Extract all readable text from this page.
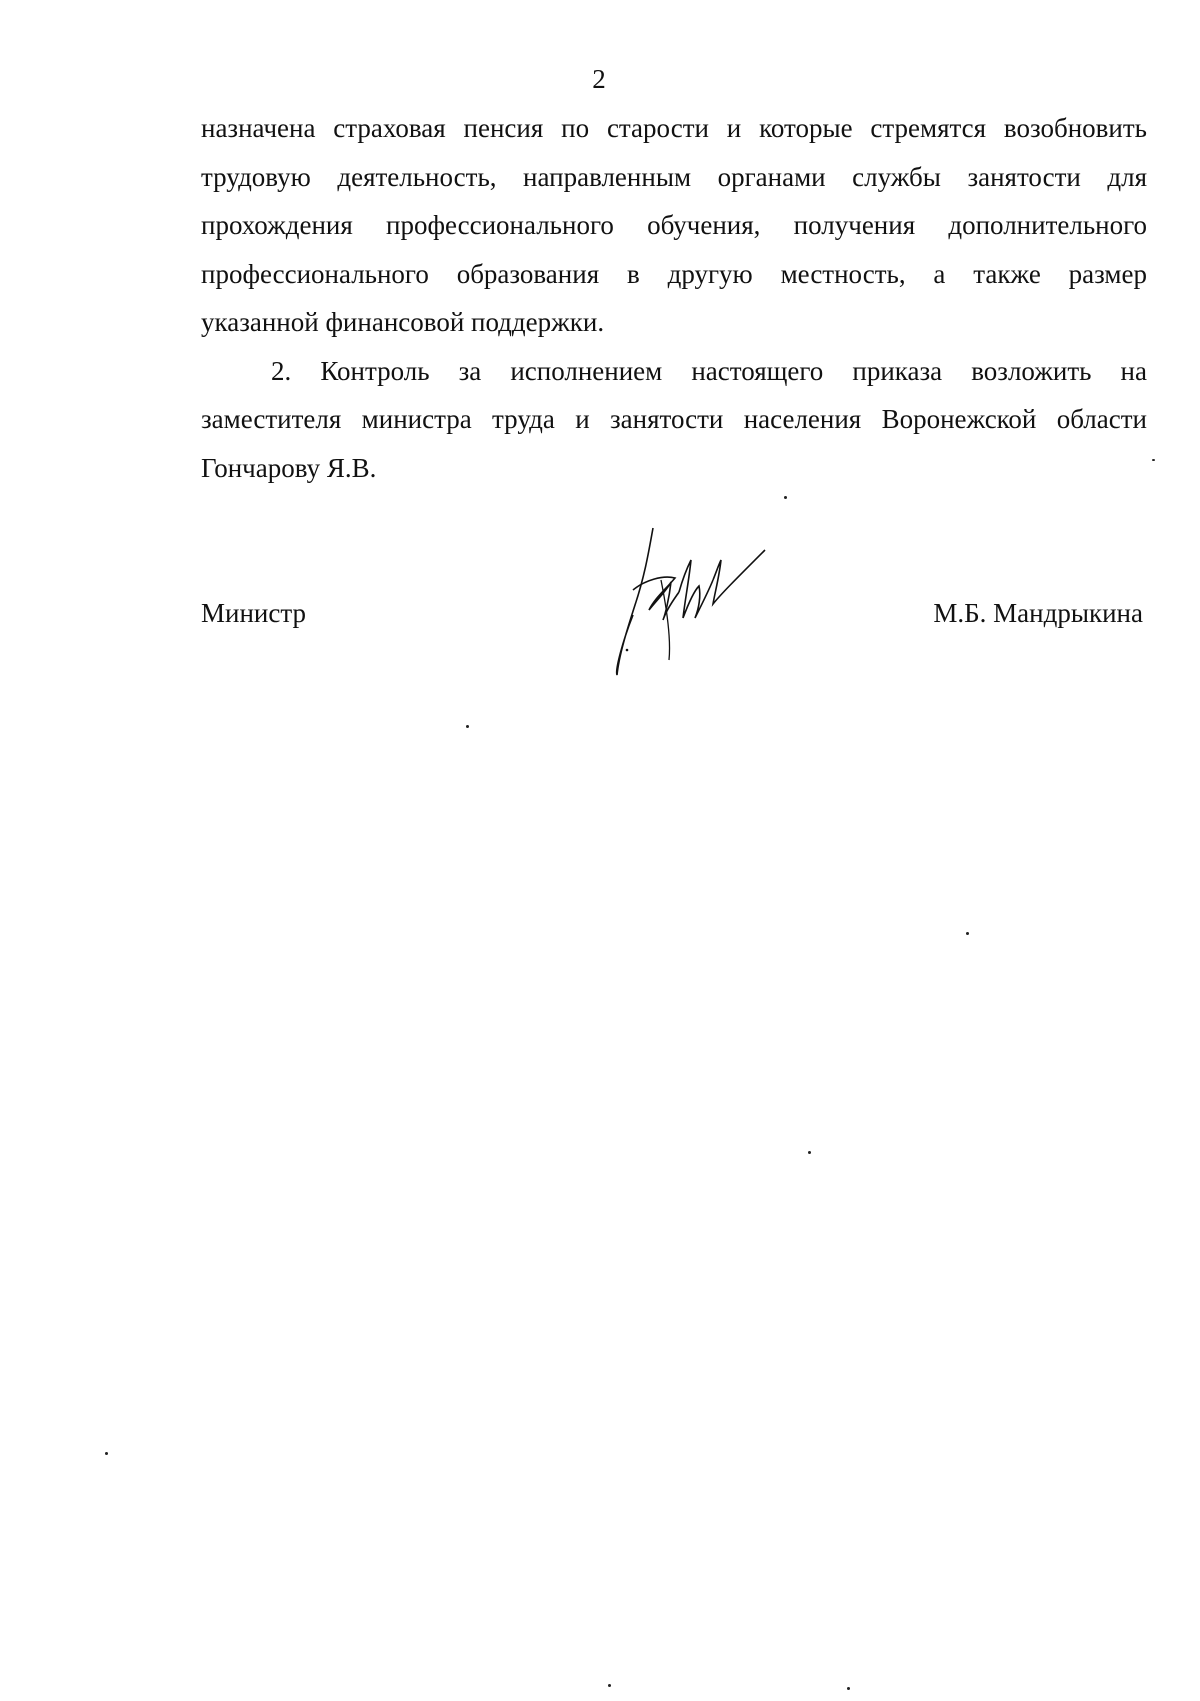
2

назначена страховая пенсия по старости и которые стремятся возобновить
трудовую деятельность, направленным органами службы занятости для
прохождения профессионального обучения, получения дополнительного
профессионального образования в другую местность, а также размер
указанной финансовой поддержки.

2. Контроль за исполнением настоящего приказа возложить на
заместителя министра труда и занятости населения Воронежской области
Гончарову Я.В.

Министр	М.Б. Мандрыкина
